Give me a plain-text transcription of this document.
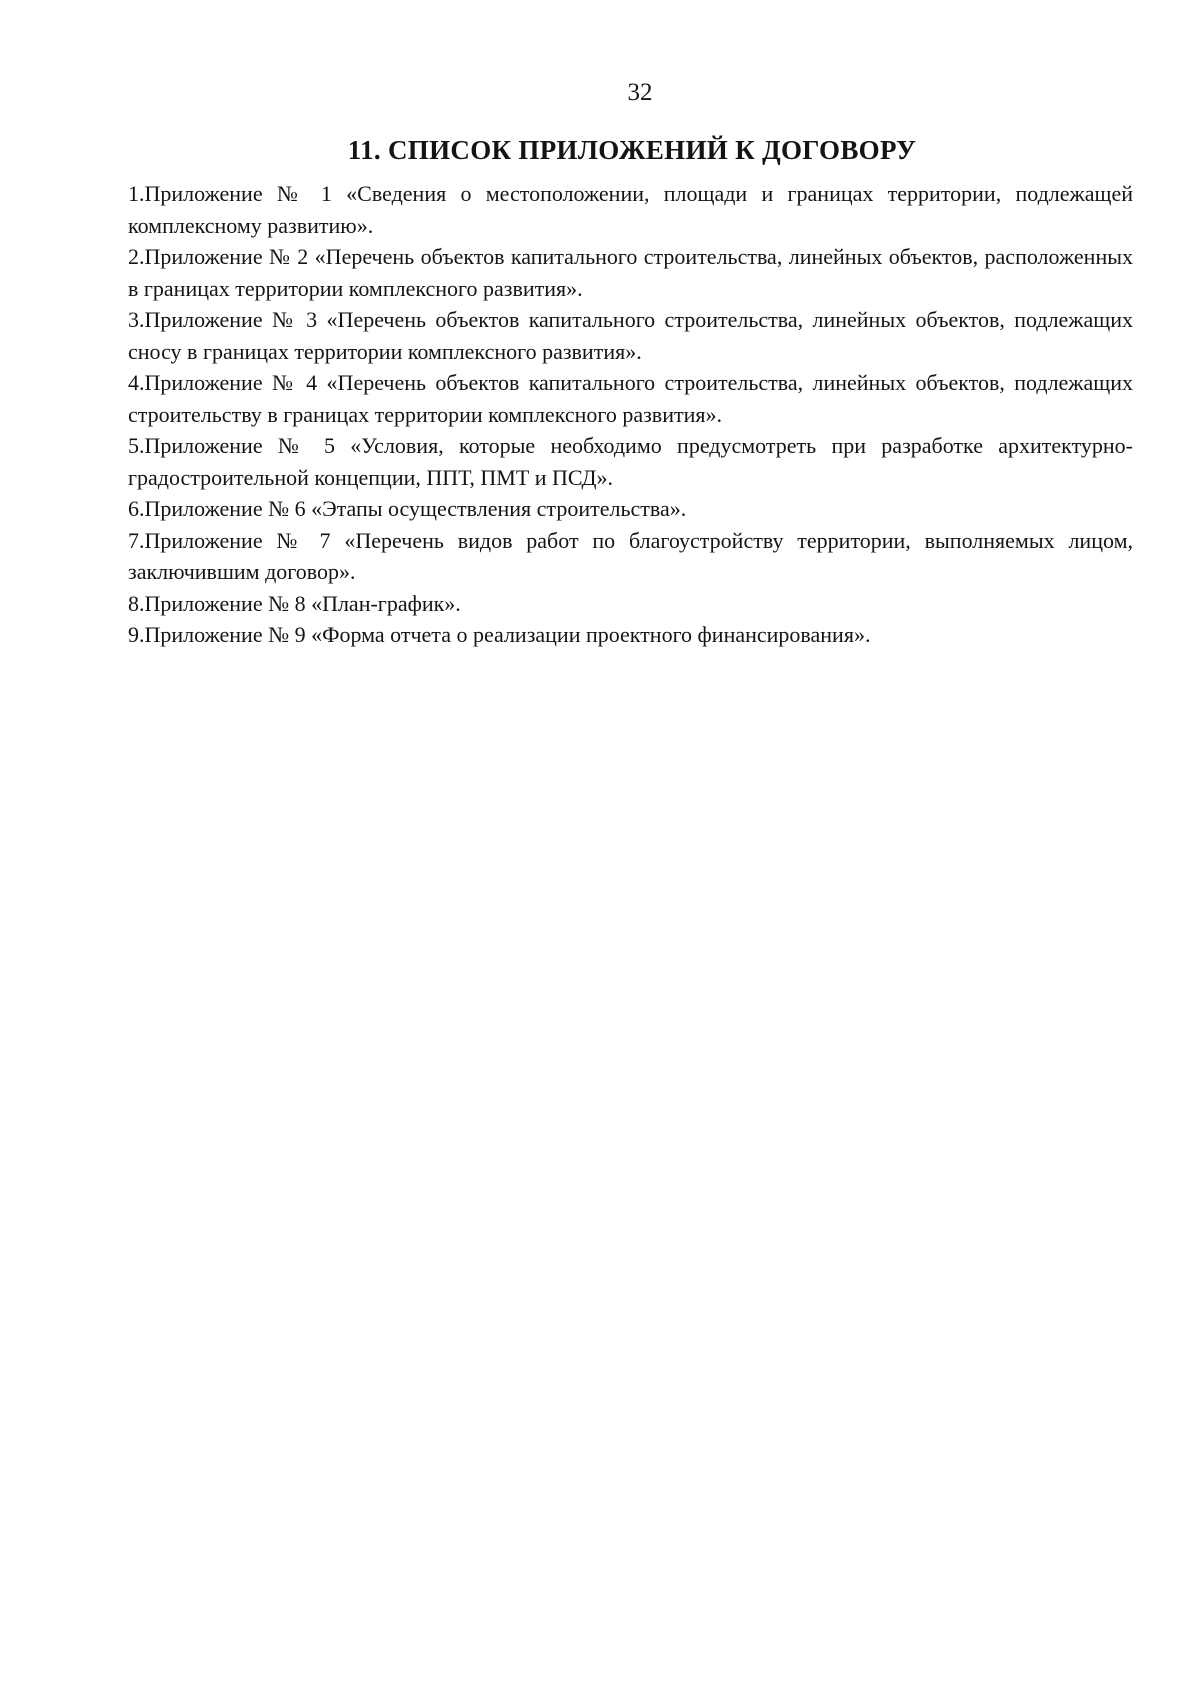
32
11. СПИСОК ПРИЛОЖЕНИЙ К ДОГОВОРУ

1.Приложение № 1 «Сведения о местоположении, площади и границах территории, подлежащей комплексному развитию».

2.Приложение № 2 «Перечень объектов капитального строительства, линейных объектов, расположенных в границах территории комплексного развития».

3.Приложение № 3 «Перечень объектов капитального строительства, линейных объектов, подлежащих сносу в границах территории комплексного развития».

4.Приложение № 4 «Перечень объектов капитального строительства, линейных объектов, подлежащих строительству в границах территории комплексного развития».

5.Приложение № 5 «Условия, которые необходимо предусмотреть при разработке архитектурно-градостроительной концепции, ППТ, ПМТ и ПСД».

6.Приложение № 6 «Этапы осуществления строительства».

7.Приложение № 7 «Перечень видов работ по благоустройству территории, выполняемых лицом, заключившим договор».

8.Приложение № 8 «План-график».

9.Приложение № 9 «Форма отчета о реализации проектного финансирования».
